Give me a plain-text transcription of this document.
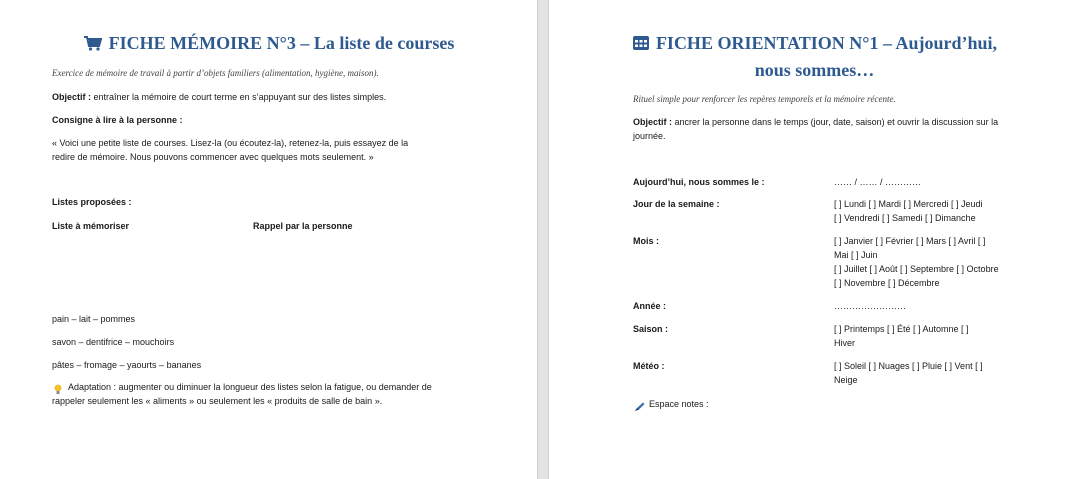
FICHE MÉMOIRE N°3 – La liste de courses
Exercice de mémoire de travail à partir d’objets familiers (alimentation, hygiène, maison).
Objectif : entraîner la mémoire de court terme en s’appuyant sur des listes simples.
Consigne à lire à la personne :
« Voici une petite liste de courses. Lisez-la (ou écoutez-la), retenez-la, puis essayez de la
redire de mémoire. Nous pouvons commencer avec quelques mots seulement. »
Listes proposées :
Liste à mémoriser	Rappel par la personne
pain – lait – pommes
savon – dentifrice – mouchoirs
pâtes – fromage – yaourts – bananes
Adaptation : augmenter ou diminuer la longueur des listes selon la fatigue, ou demander de
rappeler seulement les « aliments » ou seulement les « produits de salle de bain ».
FICHE ORIENTATION N°1 – Aujourd’hui,
nous sommes…
Rituel simple pour renforcer les repères temporels et la mémoire récente.
Objectif : ancrer la personne dans le temps (jour, date, saison) et ouvrir la discussion sur la
journée.
Aujourd’hui, nous sommes le :	…… / …… / …………
Jour de la semaine :	[ ] Lundi [ ] Mardi [ ] Mercredi [ ] Jeudi
[ ] Vendredi [ ] Samedi [ ] Dimanche
Mois :	[ ] Janvier [ ] Février [ ] Mars [ ] Avril [ ]
Mai [ ] Juin
[ ] Juillet [ ] Août [ ] Septembre [ ] Octobre
[ ] Novembre [ ] Décembre
Année :	……………………
Saison :	[ ] Printemps [ ] Été [ ] Automne [ ]
Hiver
Météo :	[ ] Soleil [ ] Nuages [ ] Pluie [ ] Vent [ ]
Neige
Espace notes :
